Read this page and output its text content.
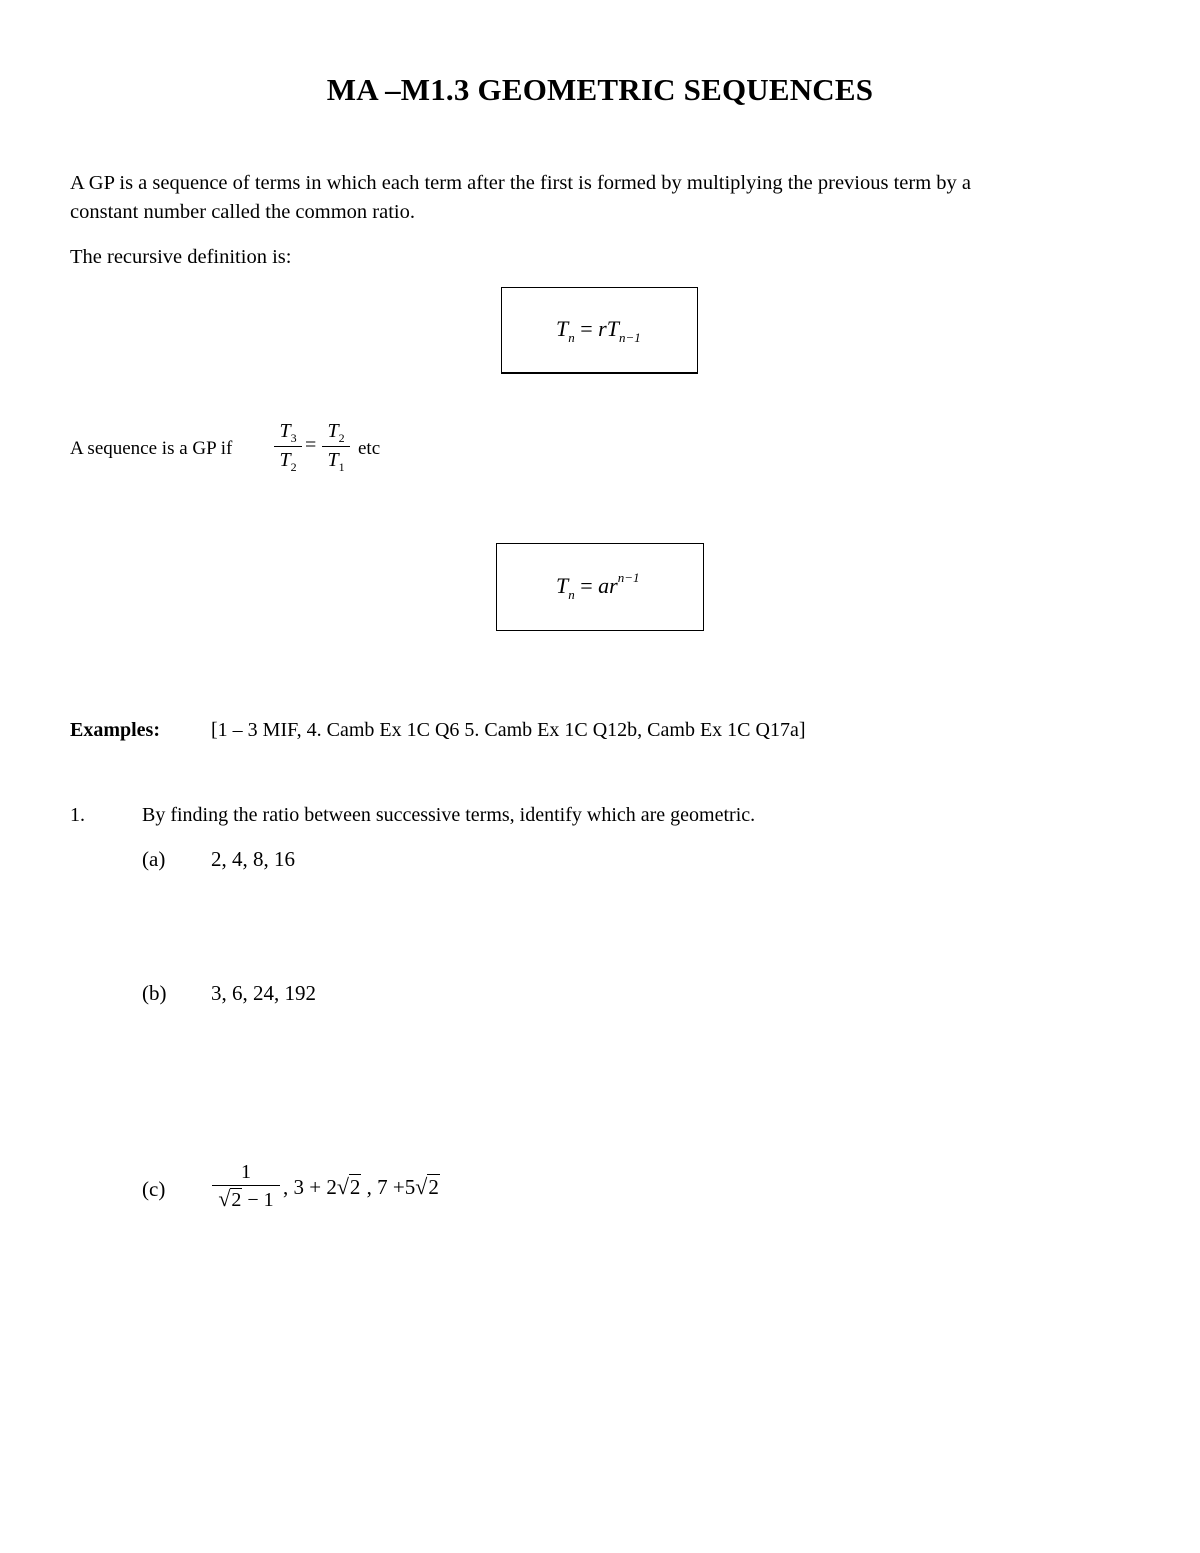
MA –M1.3 GEOMETRIC SEQUENCES
A GP is a sequence of terms in which each term after the first is formed by multiplying the previous term by a
constant number called the common ratio.
The recursive definition is:
$T_n = rT_{n-1}$
A sequence is a GP if
$T_3$
$T_2$
=
$T_2$
$T_1$
etc
$T_n = ar^{n-1}$
Examples:	[1 – 3 MIF, 4. Camb Ex 1C Q6 5. Camb Ex 1C Q12b, Camb Ex 1C Q17a]
1.	By finding the ratio between successive terms, identify which are geometric.
(a) 2, 4, 8, 16
(b) 3, 6, 24, 192
(c)
1
√2 − 1
, 3 + 2√2 , 7 +5√2
